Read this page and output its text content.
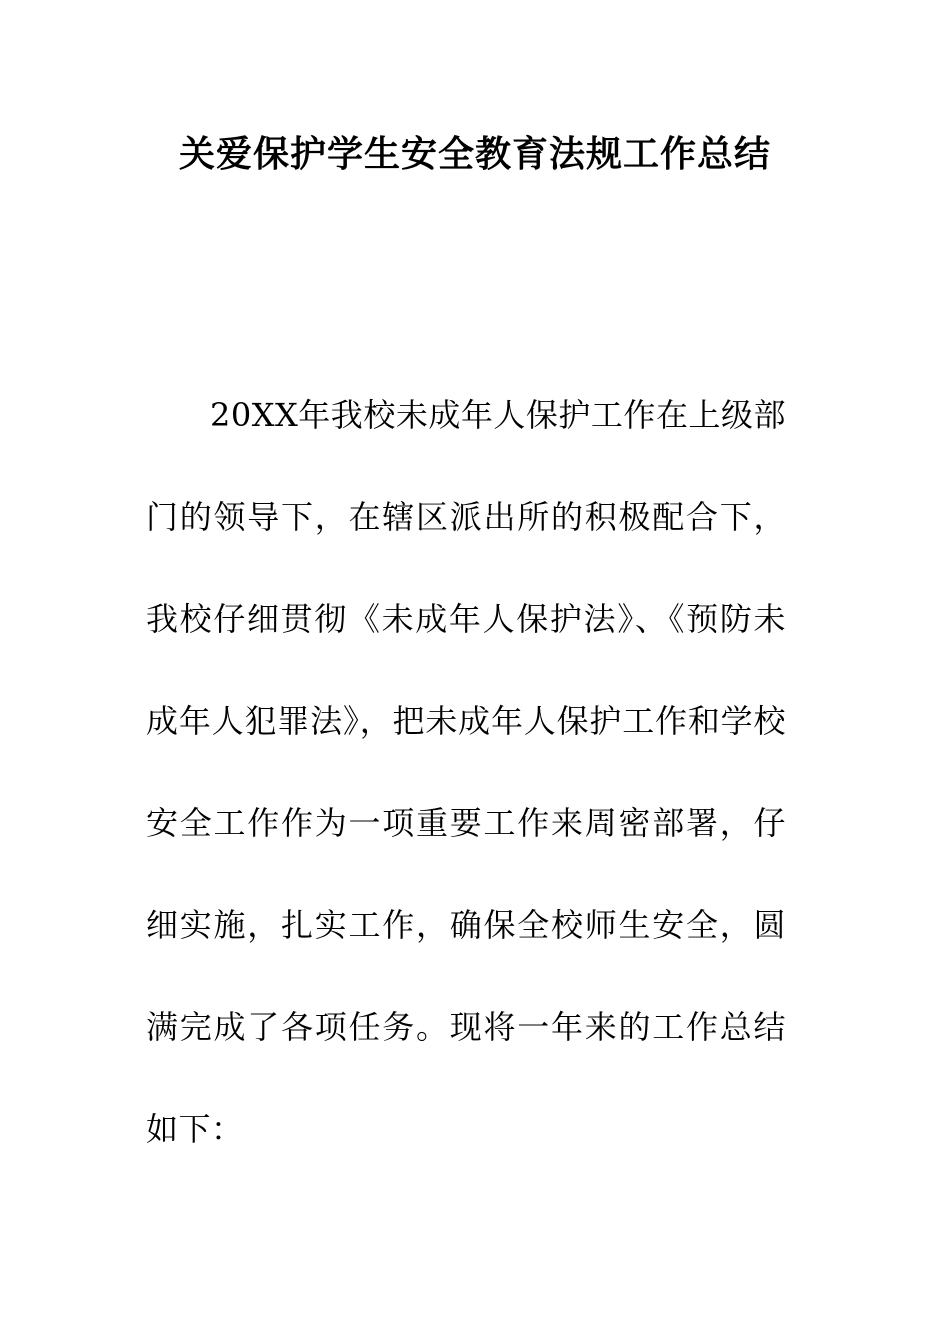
关爱保护学生安全教育法规工作总结

20XX年我校未成年人保护工作在上级部门的领导下，在辖区派出所的积极配合下，我校仔细贯彻《未成年人保护法》、《预防未成年人犯罪法》，把未成年人保护工作和学校安全工作作为一项重要工作来周密部署，仔细实施，扎实工作，确保全校师生安全，圆满完成了各项任务。现将一年来的工作总结如下：
